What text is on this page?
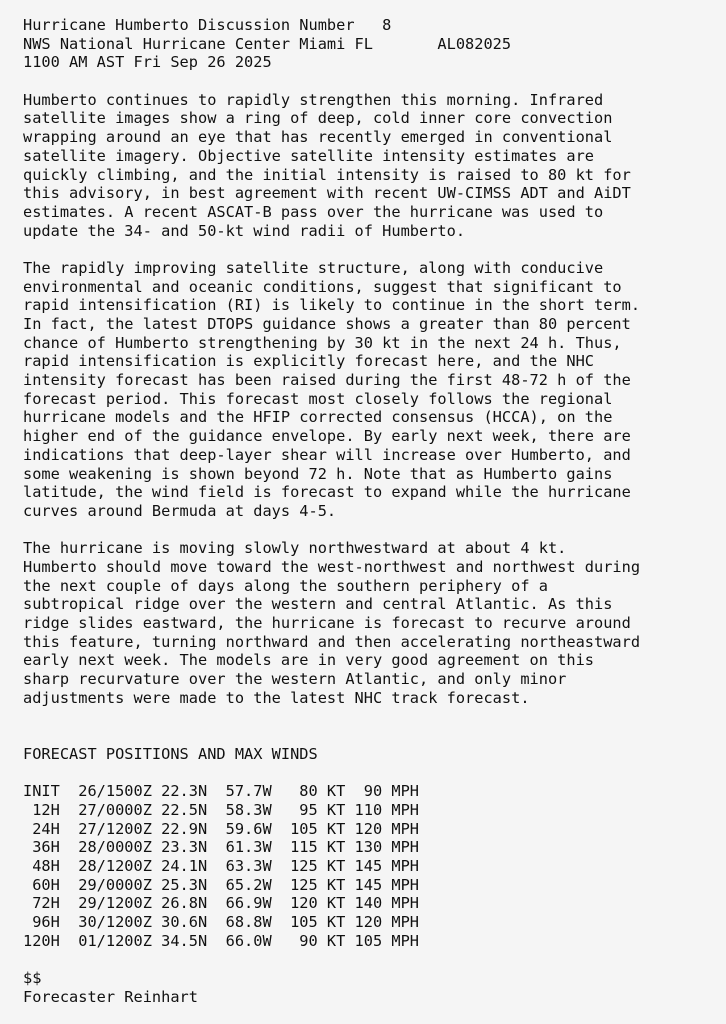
Hurricane Humberto Discussion Number   8
NWS National Hurricane Center Miami FL       AL082025
1100 AM AST Fri Sep 26 2025
Humberto continues to rapidly strengthen this morning. Infrared
satellite images show a ring of deep, cold inner core convection
wrapping around an eye that has recently emerged in conventional
satellite imagery. Objective satellite intensity estimates are
quickly climbing, and the initial intensity is raised to 80 kt for
this advisory, in best agreement with recent UW-CIMSS ADT and AiDT
estimates. A recent ASCAT-B pass over the hurricane was used to
update the 34- and 50-kt wind radii of Humberto.
The rapidly improving satellite structure, along with conducive
environmental and oceanic conditions, suggest that significant to
rapid intensification (RI) is likely to continue in the short term.
In fact, the latest DTOPS guidance shows a greater than 80 percent
chance of Humberto strengthening by 30 kt in the next 24 h. Thus,
rapid intensification is explicitly forecast here, and the NHC
intensity forecast has been raised during the first 48-72 h of the
forecast period. This forecast most closely follows the regional
hurricane models and the HFIP corrected consensus (HCCA), on the
higher end of the guidance envelope. By early next week, there are
indications that deep-layer shear will increase over Humberto, and
some weakening is shown beyond 72 h. Note that as Humberto gains
latitude, the wind field is forecast to expand while the hurricane
curves around Bermuda at days 4-5.
The hurricane is moving slowly northwestward at about 4 kt.
Humberto should move toward the west-northwest and northwest during
the next couple of days along the southern periphery of a
subtropical ridge over the western and central Atlantic. As this
ridge slides eastward, the hurricane is forecast to recurve around
this feature, turning northward and then accelerating northeastward
early next week. The models are in very good agreement on this
sharp recurvature over the western Atlantic, and only minor
adjustments were made to the latest NHC track forecast.
FORECAST POSITIONS AND MAX WINDS
INIT  26/1500Z 22.3N  57.7W   80 KT  90 MPH
12H  27/0000Z 22.5N  58.3W   95 KT 110 MPH
24H  27/1200Z 22.9N  59.6W  105 KT 120 MPH
36H  28/0000Z 23.3N  61.3W  115 KT 130 MPH
48H  28/1200Z 24.1N  63.3W  125 KT 145 MPH
60H  29/0000Z 25.3N  65.2W  125 KT 145 MPH
72H  29/1200Z 26.8N  66.9W  120 KT 140 MPH
96H  30/1200Z 30.6N  68.8W  105 KT 120 MPH
120H  01/1200Z 34.5N  66.0W   90 KT 105 MPH
$$
Forecaster Reinhart
